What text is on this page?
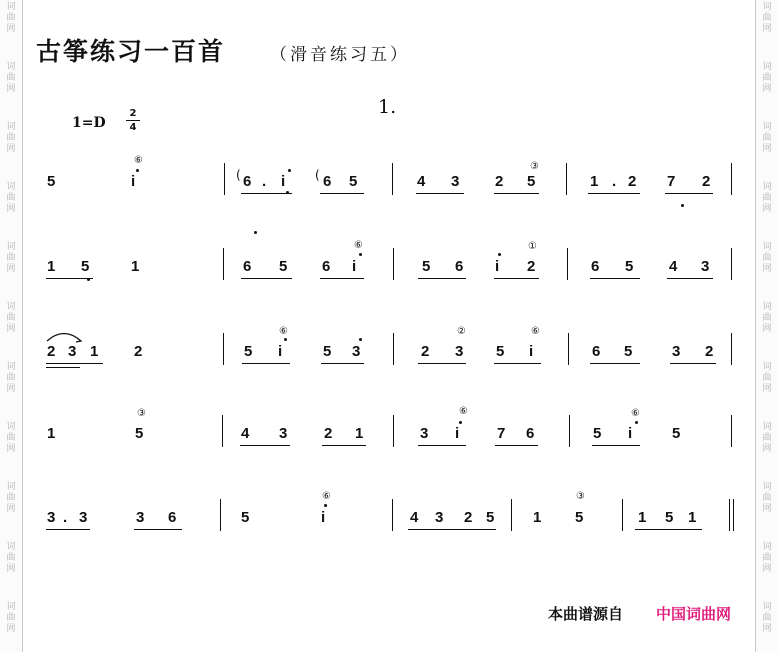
古筝练习一百首	（滑音练习五）
1.
1=D
2
4
5	i	6 . i	6 5	4 3 2 5	1 . 2 7 2
1 5	1	6 5 6 i	5 6 i 2	6 5 4 3
2 3 1 2	5 i	5 3	2 3 5 i	6 5	3 2
1	5	4 3 2 1	3 i	7 6	5 i	5
3 . 3	3 6	5	i	4 3 2 5	1 5	1 5 1
⑥
③
⑥	①
⑥	②	⑥
③	⑥	⑥
⑥	③
(	(
本曲谱源自 中国词曲网
词
曲
网
词
曲
网
词
曲
网
词
曲
网
词
曲
网
词
曲
网
词
曲
网
词
曲
网
词
曲
网
词
曲
网
词
曲
网
词
曲
网
词
曲
网
词
曲
网
词
曲
网
词
曲
网
词
曲
网
词
曲
网
词
曲
网
词
曲
网
词
曲
网
词
曲
网
